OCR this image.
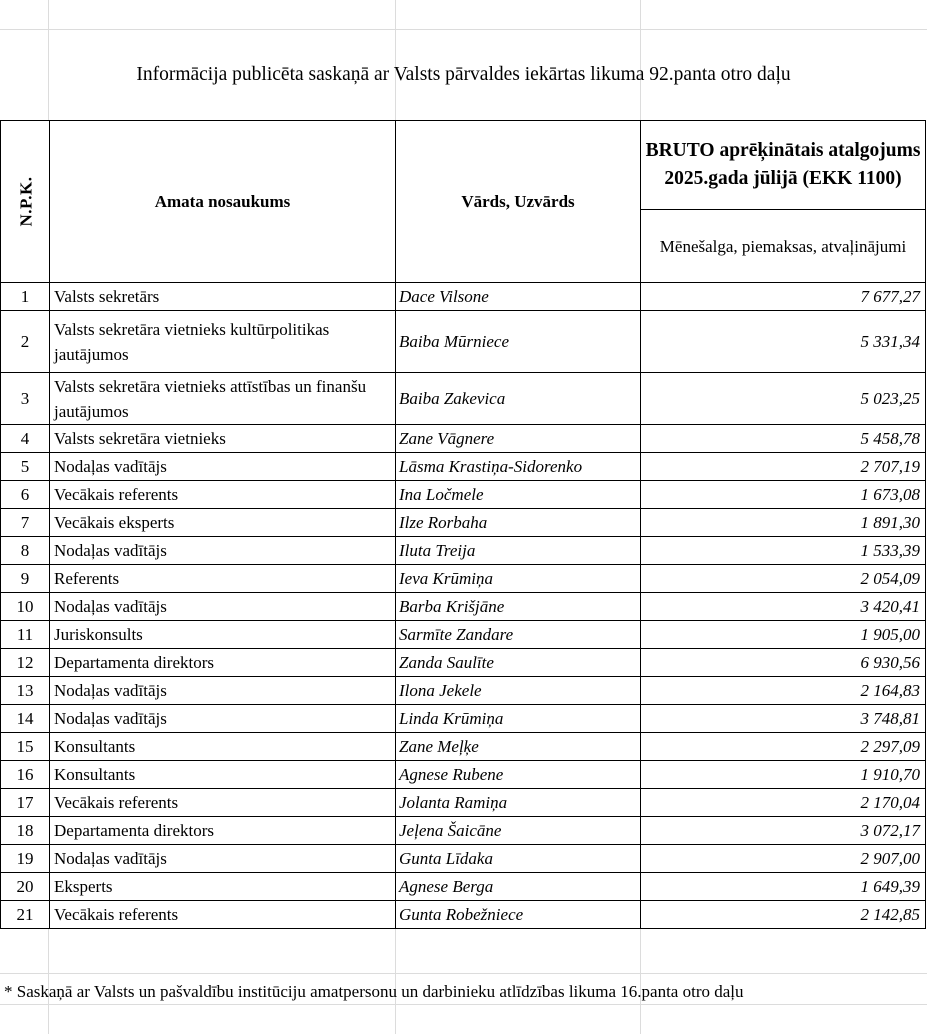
Informācija publicēta saskaņā ar Valsts pārvaldes iekārtas likuma 92.panta otro daļu
N.P.K.	Amata nosaukums	Vārds, Uzvārds	BRUTO aprēķinātais atalgojums 2025.gada jūlijā (EKK 1100)
			Mēnešalga, piemaksas, atvaļinājumi
1	Valsts sekretārs	Dace Vilsone	7 677,27
2	Valsts sekretāra vietnieks kultūrpolitikas jautājumos	Baiba Mūrniece	5 331,34
3	Valsts sekretāra vietnieks attīstības un finanšu jautājumos	Baiba Zakevica	5 023,25
4	Valsts sekretāra vietnieks	Zane Vāgnere	5 458,78
5	Nodaļas vadītājs	Lāsma Krastiņa-Sidorenko	2 707,19
6	Vecākais referents	Ina Ločmele	1 673,08
7	Vecākais eksperts	Ilze Rorbaha	1 891,30
8	Nodaļas vadītājs	Iluta Treija	1 533,39
9	Referents	Ieva Krūmiņa	2 054,09
10	Nodaļas vadītājs	Barba Krišjāne	3 420,41
11	Juriskonsults	Sarmīte Zandare	1 905,00
12	Departamenta direktors	Zanda Saulīte	6 930,56
13	Nodaļas vadītājs	Ilona Jekele	2 164,83
14	Nodaļas vadītājs	Linda Krūmiņa	3 748,81
15	Konsultants	Zane Meļķe	2 297,09
16	Konsultants	Agnese Rubene	1 910,70
17	Vecākais referents	Jolanta Ramiņa	2 170,04
18	Departamenta direktors	Jeļena Šaicāne	3 072,17
19	Nodaļas vadītājs	Gunta Līdaka	2 907,00
20	Eksperts	Agnese Berga	1 649,39
21	Vecākais referents	Gunta Robežniece	2 142,85
* Saskaņā ar Valsts un pašvaldību institūciju amatpersonu un darbinieku atlīdzības likuma 16.panta otro daļu
